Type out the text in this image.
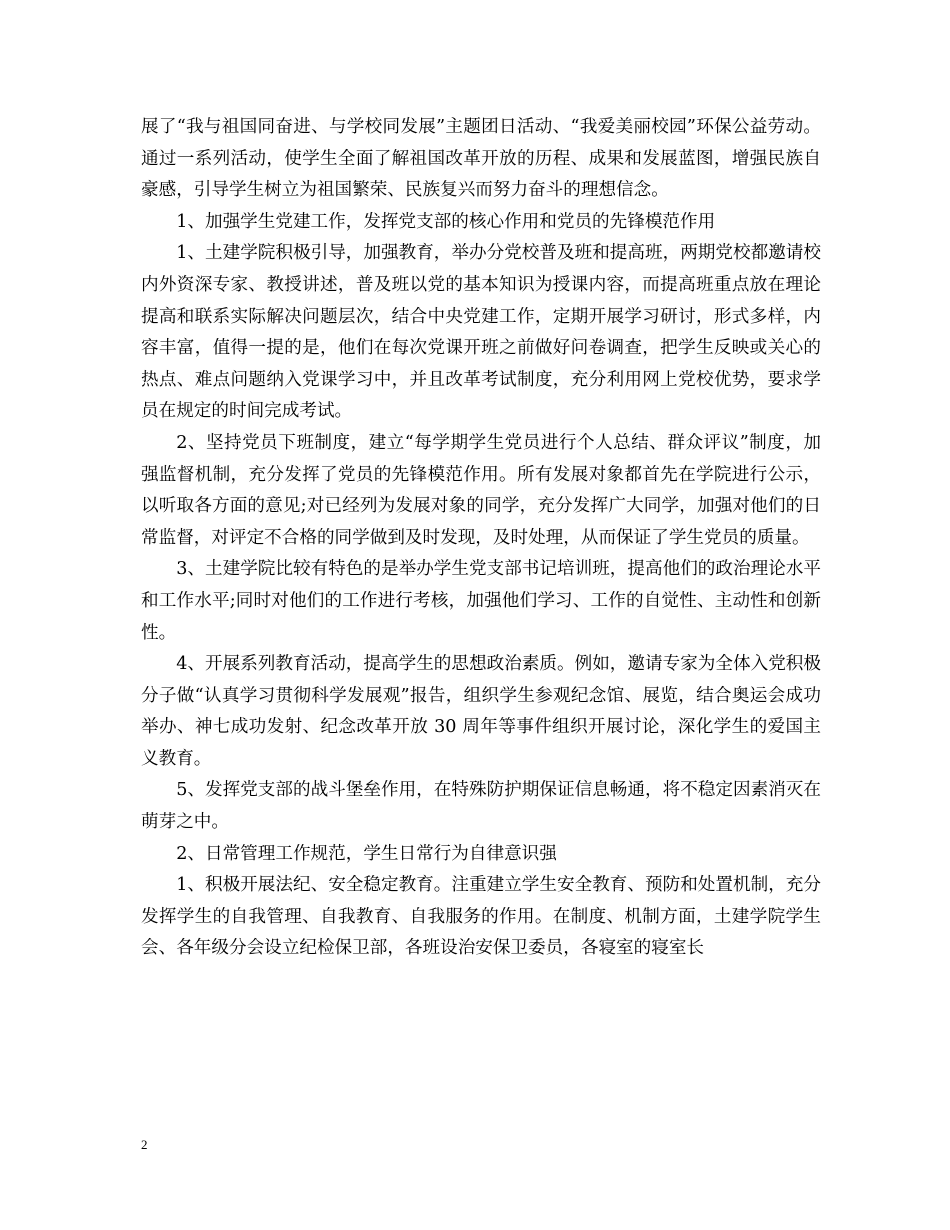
展了“我与祖国同奋进、与学校同发展”主题团日活动、“我爱美丽校园”环保公益劳动。通过一系列活动，使学生全面了解祖国改革开放的历程、成果和发展蓝图，增强民族自豪感，引导学生树立为祖国繁荣、民族复兴而努力奋斗的理想信念。

1、加强学生党建工作，发挥党支部的核心作用和党员的先锋模范作用

1、土建学院积极引导，加强教育，举办分党校普及班和提高班，两期党校都邀请校内外资深专家、教授讲述，普及班以党的基本知识为授课内容，而提高班重点放在理论提高和联系实际解决问题层次，结合中央党建工作，定期开展学习研讨，形式多样，内容丰富，值得一提的是，他们在每次党课开班之前做好问卷调查，把学生反映或关心的热点、难点问题纳入党课学习中，并且改革考试制度，充分利用网上党校优势，要求学员在规定的时间完成考试。

2、坚持党员下班制度，建立“每学期学生党员进行个人总结、群众评议”制度，加强监督机制，充分发挥了党员的先锋模范作用。所有发展对象都首先在学院进行公示，以听取各方面的意见;对已经列为发展对象的同学，充分发挥广大同学，加强对他们的日常监督，对评定不合格的同学做到及时发现，及时处理，从而保证了学生党员的质量。

3、土建学院比较有特色的是举办学生党支部书记培训班，提高他们的政治理论水平和工作水平;同时对他们的工作进行考核，加强他们学习、工作的自觉性、主动性和创新性。

4、开展系列教育活动，提高学生的思想政治素质。例如，邀请专家为全体入党积极分子做“认真学习贯彻科学发展观”报告，组织学生参观纪念馆、展览，结合奥运会成功举办、神七成功发射、纪念改革开放 30 周年等事件组织开展讨论，深化学生的爱国主义教育。

5、发挥党支部的战斗堡垒作用，在特殊防护期保证信息畅通，将不稳定因素消灭在萌芽之中。

2、日常管理工作规范，学生日常行为自律意识强

1、积极开展法纪、安全稳定教育。注重建立学生安全教育、预防和处置机制，充分发挥学生的自我管理、自我教育、自我服务的作用。在制度、机制方面，土建学院学生会、各年级分会设立纪检保卫部，各班设治安保卫委员，各寝室的寝室长

2
